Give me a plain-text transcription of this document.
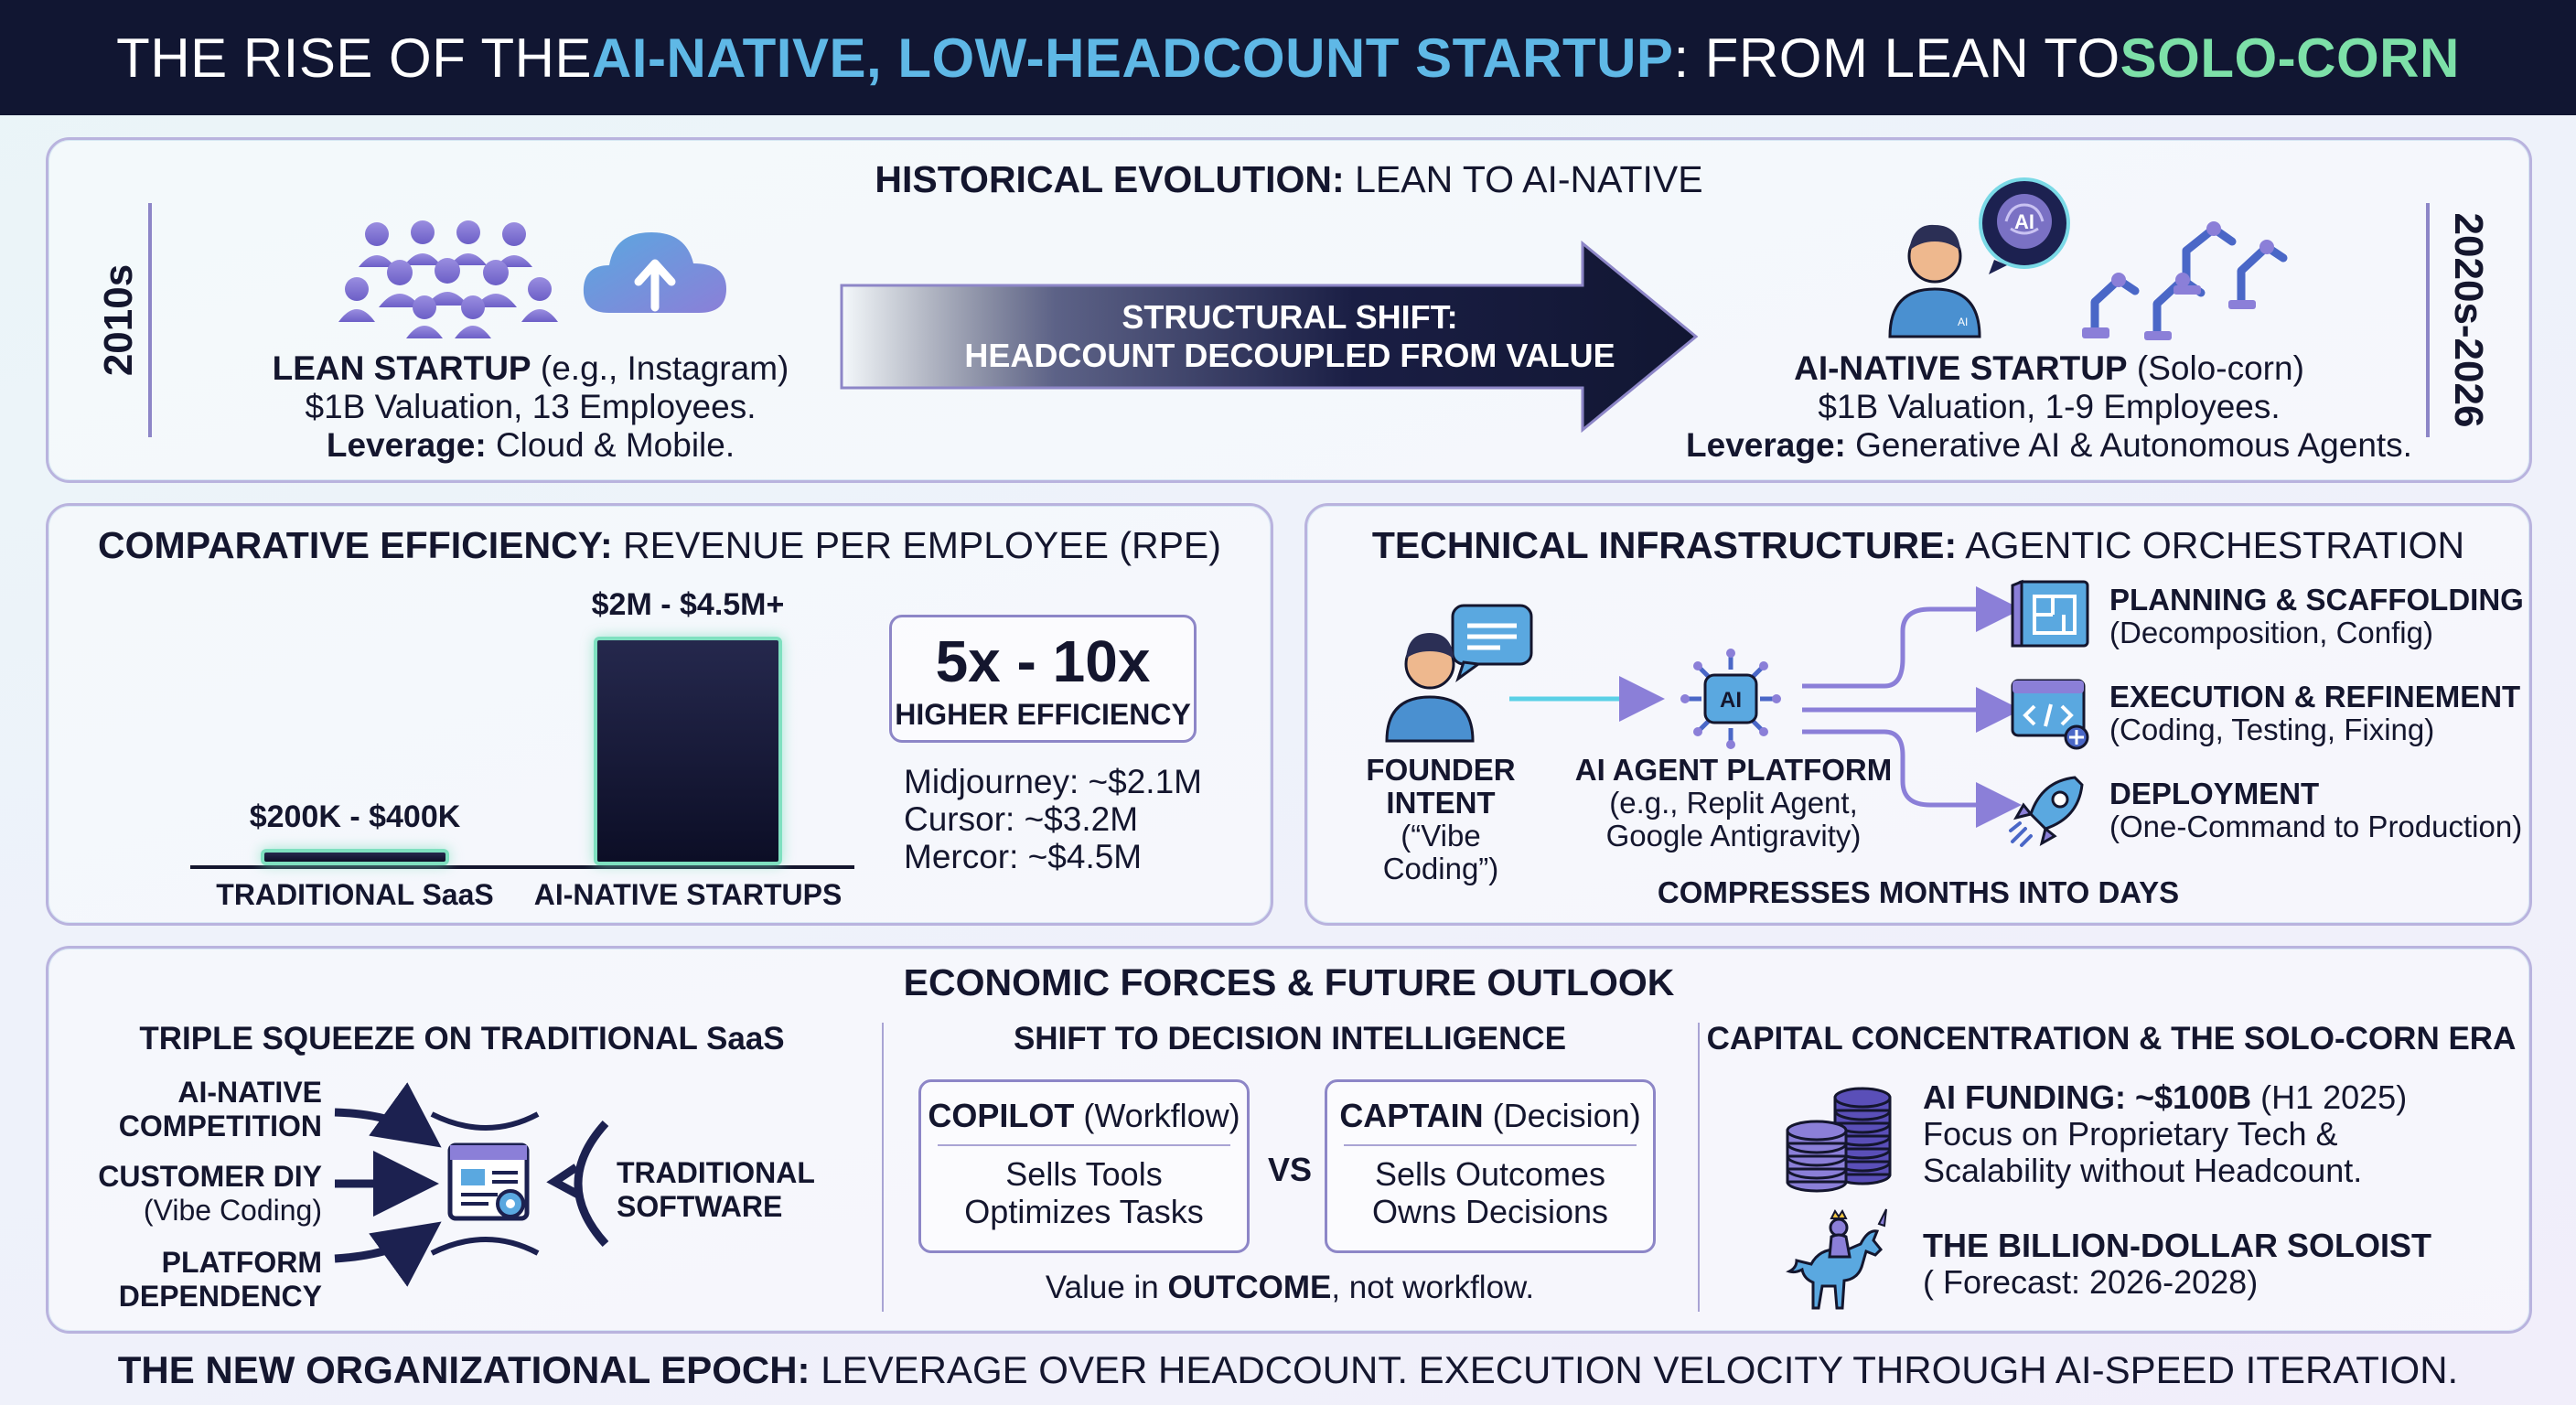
THE RISE OF THE AI-NATIVE, LOW-HEADCOUNT STARTUP : FROM LEAN TO SOLO-CORN
HISTORICAL EVOLUTION: LEAN TO AI-NATIVE
2010s	2020s-2026
LEAN STARTUP (e.g., Instagram)
$1B Valuation, 13 Employees.
Leverage: Cloud & Mobile.
STRUCTURAL SHIFT:
HEADCOUNT DECOUPLED FROM VALUE
AI
AI
AI-NATIVE STARTUP (Solo-corn)
$1B Valuation, 1-9 Employees.
Leverage: Generative AI & Autonomous Agents.
COMPARATIVE EFFICIENCY: REVENUE PER EMPLOYEE (RPE)
$200K - $400K
TRADITIONAL SaaS
$2M - $4.5M+
AI-NATIVE STARTUPS
5x - 10x
HIGHER EFFICIENCY
Midjourney: ~$2.1M
Cursor: ~$3.2M
Mercor: ~$4.5M
TECHNICAL INFRASTRUCTURE: AGENTIC ORCHESTRATION
FOUNDER
INTENT
(“Vibe Coding”)
AI
AI AGENT PLATFORM
(e.g., Replit Agent,
Google Antigravity)
PLANNING & SCAFFOLDING
(Decomposition, Config)
EXECUTION & REFINEMENT
(Coding, Testing, Fixing)
DEPLOYMENT
(One-Command to Production)
COMPRESSES MONTHS INTO DAYS
ECONOMIC FORCES & FUTURE OUTLOOK
TRIPLE SQUEEZE ON TRADITIONAL SaaS
AI-NATIVE
COMPETITION
CUSTOMER DIY
(Vibe Coding)
PLATFORM
DEPENDENCY
TRADITIONAL
SOFTWARE
SHIFT TO DECISION INTELLIGENCE
COPILOT (Workflow)
Sells Tools
Optimizes Tasks
VS
CAPTAIN (Decision)
Sells Outcomes
Owns Decisions
Value in OUTCOME, not workflow.
CAPITAL CONCENTRATION & THE SOLO-CORN ERA
AI FUNDING: ~$100B (H1 2025)
Focus on Proprietary Tech &
Scalability without Headcount.
THE BILLION-DOLLAR SOLOIST
( Forecast: 2026-2028)
THE NEW ORGANIZATIONAL EPOCH: LEVERAGE OVER HEADCOUNT. EXECUTION VELOCITY THROUGH AI-SPEED ITERATION.
